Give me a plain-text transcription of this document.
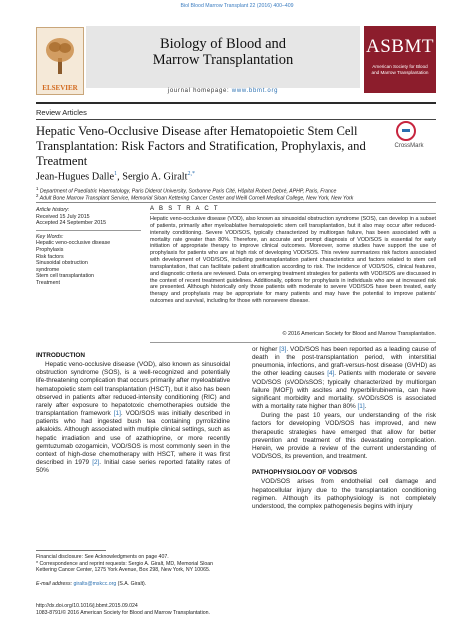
Biol Blood Marrow Transplant 22 (2016) 400–409
ELSEVIER
Biology of Blood and
Marrow Transplantation
journal homepage: www.bbmt.org
ASBMT
American Society for Blood
and Marrow Transplantation
Review Articles
Hepatic Veno-Occlusive Disease after Hematopoietic Stem Cell Transplantation: Risk Factors and Stratification, Prophylaxis, and Treatment
CrossMark
Jean-Hugues Dalle$^1$, Sergio A. Giralt$^{2,*}$
$^1$ Department of Paediatric Haematology, Paris Diderot University, Sorbonne Paris Cité, Hôpital Robert Debré, APHP, Paris, France
$^2$ Adult Bone Marrow Transplant Service, Memorial Sloan Kettering Cancer Center and Weill Cornell Medical College, New York, New York
Article history:
Received 15 July 2015
Accepted 24 September 2015
Key Words:
Hepatic veno-occlusive disease
Prophylaxis
Risk factors
Sinusoidal obstruction
syndrome
Stem cell transplantation
Treatment
A B S T R A C T
Hepatic veno-occlusive disease (VOD), also known as sinusoidal obstruction syndrome (SOS), can develop in a subset of patients, primarily after myeloablative hematopoietic stem cell transplantation, but it also may occur after reduced-intensity conditioning. Severe VOD/SOS, typically characterized by multiorgan failure, has been associated with a mortality rate greater than 80%. Therefore, an accurate and prompt diagnosis of VOD/SOS is essential for early initiation of appropriate therapy to improve clinical outcomes. Moreover, some studies have support the use of prophylaxis for patients who are at high risk of developing VOD/SOS. This review summarizes risk factors associated with development of VOD/SOS, including pretransplantation patient characteristics and factors related to stem cell transplantation, that can facilitate patient stratification according to risk. The incidence of VOD/SOS, clinical features, and diagnostic criteria are reviewed. Data on emerging treatment strategies for patients with VOD/SOS are discussed in the context of recent treatment guidelines. Additionally, options for prophylaxis in individuals who are at increased risk are presented. Although historically only those patients with moderate to severe VOD/SOS have been treated, early therapy and prophylaxis may be appropriate for many patients and may have the potential to improve patients' outcomes and survival, including for those with nonsevere disease.
© 2016 American Society for Blood and Marrow Transplantation.
INTRODUCTION
Hepatic veno-occlusive disease (VOD), also known as sinusoidal obstruction syndrome (SOS), is a well-recognized and potentially life-threatening complication that occurs primarily after myeloablative hematopoietic stem cell transplantation (HSCT), but it also has been observed in patients after reduced-intensity conditioning (RIC) and rarely after exposure to hepatotoxic chemotherapies outside the transplantation framework [1]. VOD/SOS was initially described in patients who had ingested bush tea containing pyrrolizidine alkaloids. Although associated with multiple clinical settings, such as hepatic irradiation and use of azathioprine, or more recently gemtuzumab ozogamicin, VOD/SOS is most commonly seen in the context of high-dose chemotherapy with HSCT, where it was first described in 1979 [2]. Initial case series reported fatality rates of 50%
or higher [3]. VOD/SOS has been reported as a leading cause of death in the post-transplantation period, with interstitial pneumonia, infections, and graft-versus-host disease (GVHD) as the other leading causes [4]. Patients with moderate or severe VOD/SOS (sVOD/sSOS; typically characterized by multiorgan failure [MOF]) with ascites and hyperbilirubinemia, can have significant morbidity and mortality. sVOD/sSOS is associated with a mortality rate higher than 80% [1].
During the past 10 years, our understanding of the risk factors for developing VOD/SOS has improved, and new therapeutic strategies have emerged that allow for better prevention and treatment of this devastating complication. Herein, we provide a review of the current understanding of VOD/SOS, its prevention, and treatment.
PATHOPHYSIOLOGY OF VOD/SOS
VOD/SOS arises from endothelial cell damage and hepatocellular injury due to the transplantation conditioning regimen. Although its pathophysiology is not completely understood, the complex pathogenesis begins with injury
Financial disclosure: See Acknowledgments on page 407.
* Correspondence and reprint requests: Sergio A. Giralt, MD, Memorial Sloan Kettering Cancer Center, 1275 York Avenue, Box 298, New York, NY 10065.
E-mail address: giralts@mskcc.org (S.A. Giralt).
http://dx.doi.org/10.1016/j.bbmt.2015.09.024
1083-8791/© 2016 American Society for Blood and Marrow Transplantation.
